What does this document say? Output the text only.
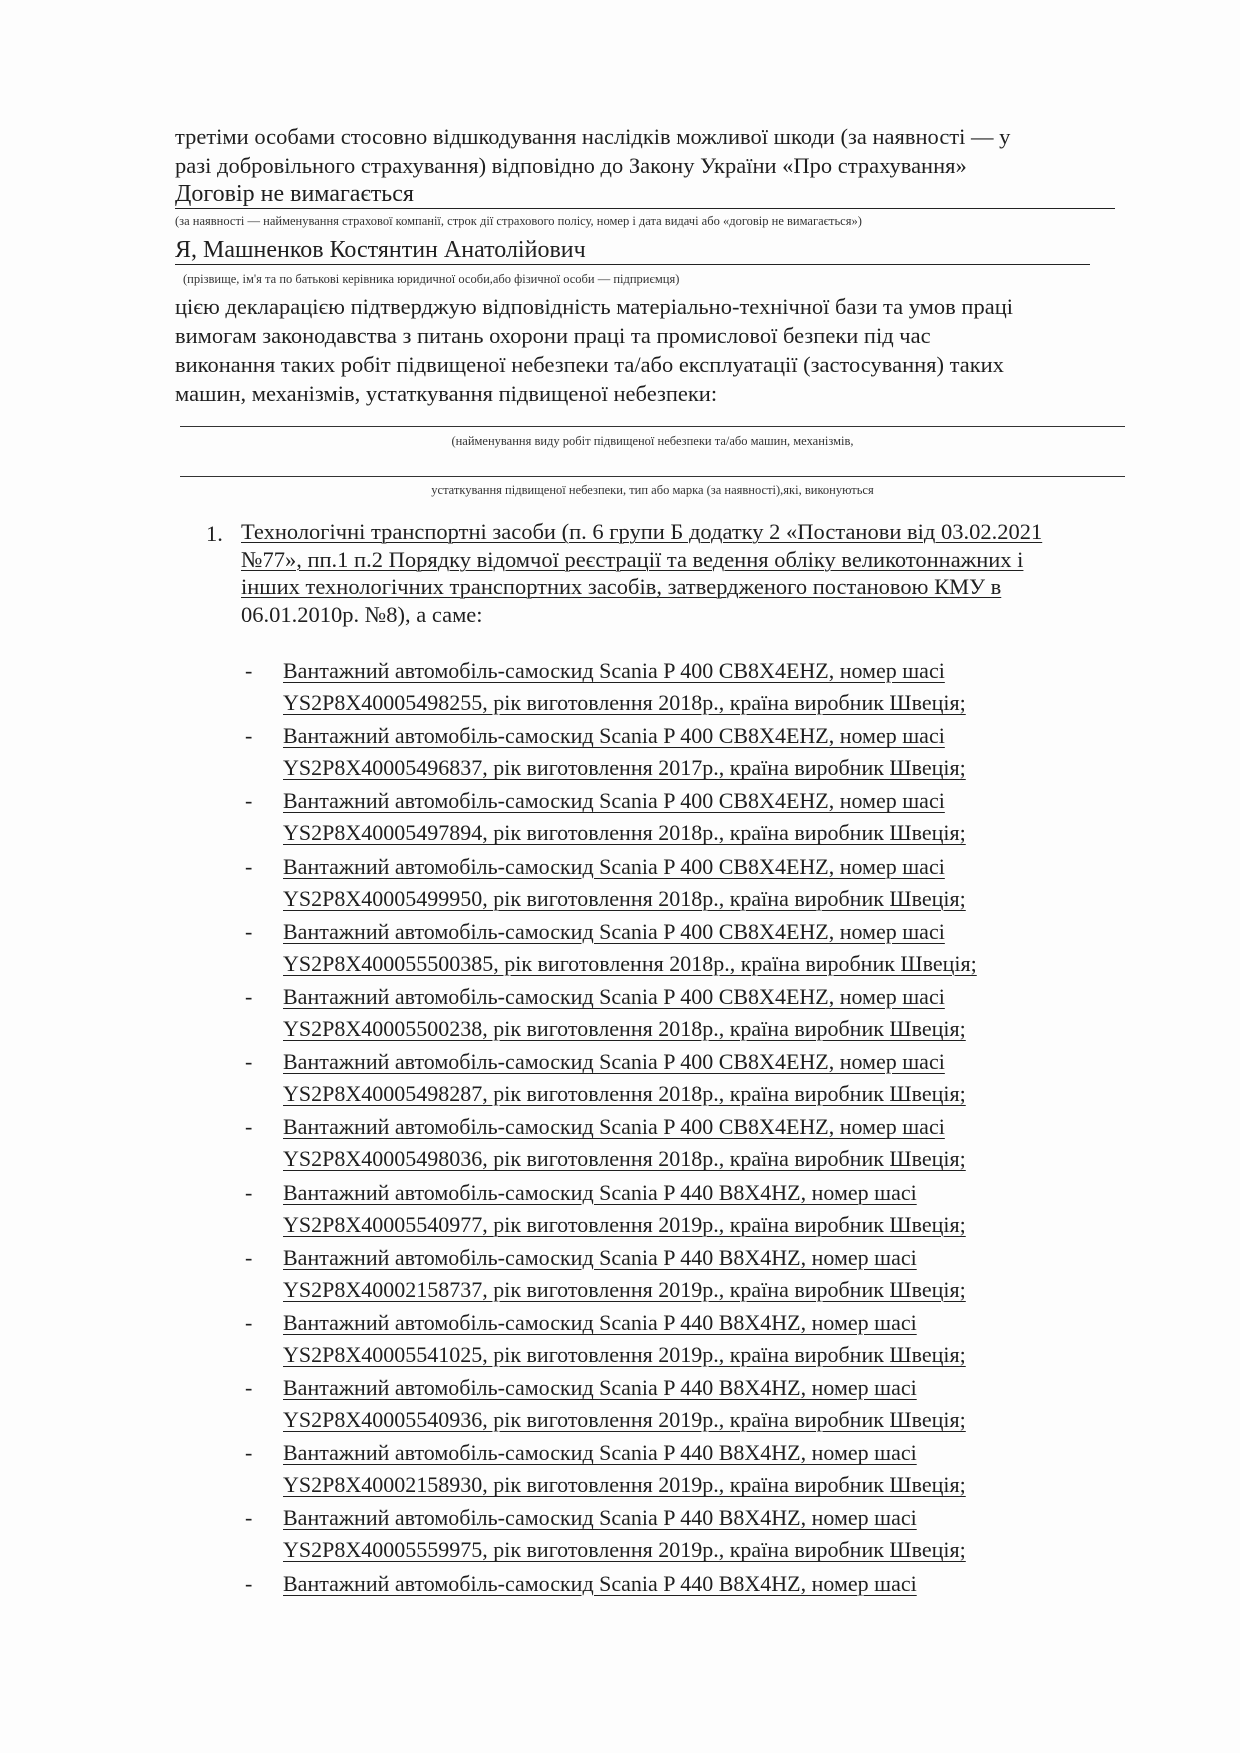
третіми особами стосовно відшкодування наслідків можливої шкоди (за наявності — у
разі добровільного страхування) відповідно до Закону України «Про страхування»
Договір не вимагається
(за наявності — найменування страхової компанії, строк дії страхового полісу, номер і дата видачі або «договір не вимагається»)
Я, Машненков Костянтин Анатолійович
(прізвище, ім'я та по батькові керівника юридичної особи,або фізичної особи — підприємця)
цією декларацією підтверджую відповідність матеріально-технічної бази та умов праці
вимогам законодавства з питань охорони праці та промислової безпеки під час
виконання таких робіт підвищеної небезпеки та/або експлуатації (застосування) таких
машин, механізмів, устаткування підвищеної небезпеки:
(найменування виду робіт підвищеної небезпеки та/або машин, механізмів,
устаткування підвищеної небезпеки, тип або марка (за наявності),які, виконуються
1. Технологічні транспортні засоби (п. 6 групи Б додатку 2 «Постанови від 03.02.2021
№77», пп.1 п.2 Порядку відомчої реєстрації та ведення обліку великотоннажних і
інших технологічних транспортних засобів, затвердженого постановою КМУ в
06.01.2010р. №8), а саме:
-	Вантажний автомобіль-самоскид Scania P 400 CB8X4EHZ, номер шасі
YS2P8X40005498255, рік виготовлення 2018р., країна виробник Швеція;
-	Вантажний автомобіль-самоскид Scania P 400 CB8X4EHZ, номер шасі
YS2P8X40005496837, рік виготовлення 2017р., країна виробник Швеція;
-	Вантажний автомобіль-самоскид Scania P 400 CB8X4EHZ, номер шасі
YS2P8X40005497894, рік виготовлення 2018р., країна виробник Швеція;
-	Вантажний автомобіль-самоскид Scania P 400 CB8X4EHZ, номер шасі
YS2P8X40005499950, рік виготовлення 2018р., країна виробник Швеція;
-	Вантажний автомобіль-самоскид Scania P 400 CB8X4EHZ, номер шасі
YS2P8X400055500385, рік виготовлення 2018р., країна виробник Швеція;
-	Вантажний автомобіль-самоскид Scania P 400 CB8X4EHZ, номер шасі
YS2P8X40005500238, рік виготовлення 2018р., країна виробник Швеція;
-	Вантажний автомобіль-самоскид Scania P 400 CB8X4EHZ, номер шасі
YS2P8X40005498287, рік виготовлення 2018р., країна виробник Швеція;
-	Вантажний автомобіль-самоскид Scania P 400 CB8X4EHZ, номер шасі
YS2P8X40005498036, рік виготовлення 2018р., країна виробник Швеція;
-	Вантажний автомобіль-самоскид Scania P 440 B8X4HZ, номер шасі
YS2P8X40005540977, рік виготовлення 2019р., країна виробник Швеція;
-	Вантажний автомобіль-самоскид Scania P 440 B8X4HZ, номер шасі
YS2P8X40002158737, рік виготовлення 2019р., країна виробник Швеція;
-	Вантажний автомобіль-самоскид Scania P 440 B8X4HZ, номер шасі
YS2P8X40005541025, рік виготовлення 2019р., країна виробник Швеція;
-	Вантажний автомобіль-самоскид Scania P 440 B8X4HZ, номер шасі
YS2P8X40005540936, рік виготовлення 2019р., країна виробник Швеція;
-	Вантажний автомобіль-самоскид Scania P 440 B8X4HZ, номер шасі
YS2P8X40002158930, рік виготовлення 2019р., країна виробник Швеція;
-	Вантажний автомобіль-самоскид Scania P 440 B8X4HZ, номер шасі
YS2P8X40005559975, рік виготовлення 2019р., країна виробник Швеція;
-	Вантажний автомобіль-самоскид Scania P 440 B8X4HZ, номер шасі
